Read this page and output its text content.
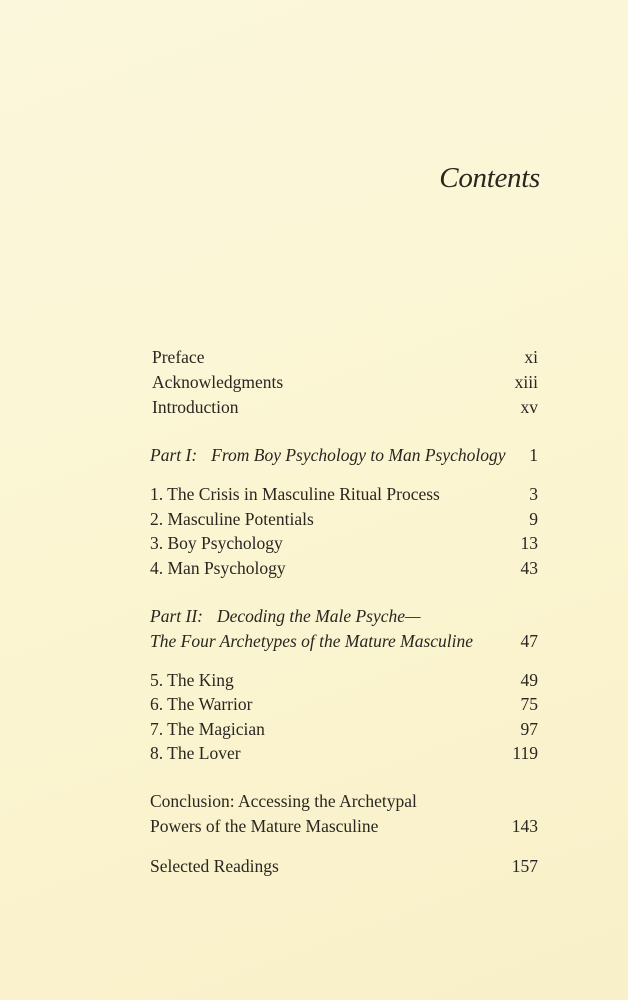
Contents
Preface	xi
Acknowledgments	xiii
Introduction	xv
Part I: From Boy Psychology to Man Psychology 1
1. The Crisis in Masculine Ritual Process	3
2. Masculine Potentials	9
3. Boy Psychology	13
4. Man Psychology	43
Part II: Decoding the Male Psyche—
The Four Archetypes of the Mature Masculine	47
5. The King	49
6. The Warrior	75
7. The Magician	97
8. The Lover	119
Conclusion: Accessing the Archetypal
Powers of the Mature Masculine	143
Selected Readings	157
